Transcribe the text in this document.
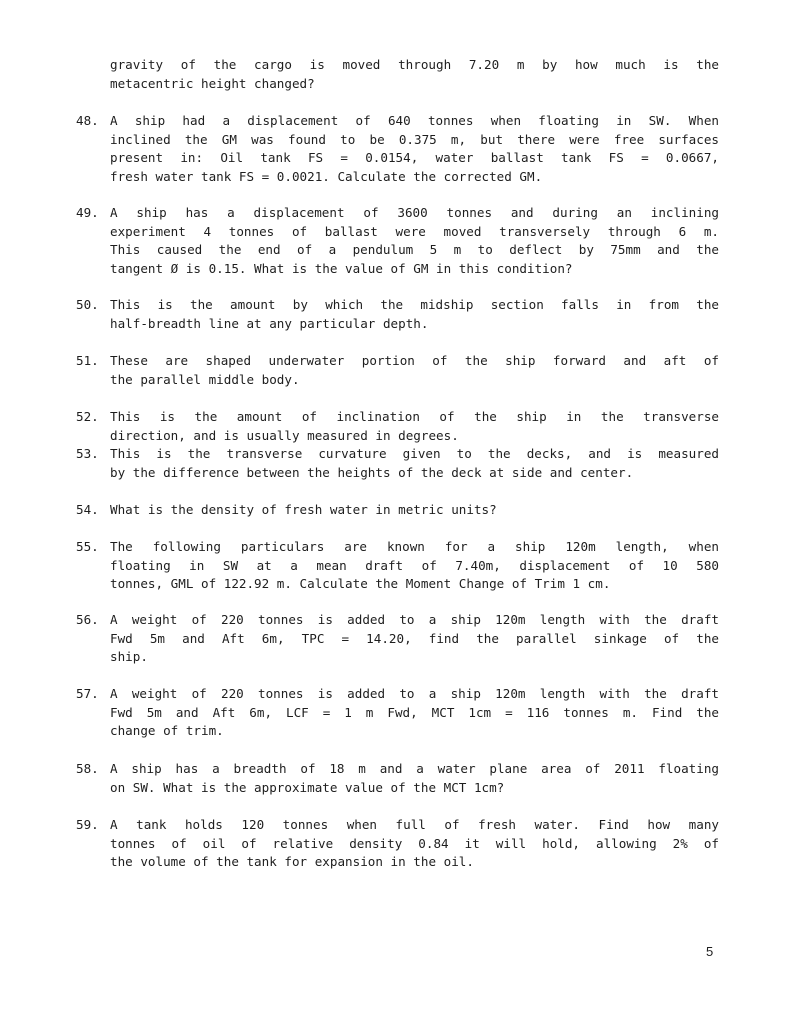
5
gravity of the cargo is moved through 7.20 m by how much is the
metacentric height changed?
48. A ship had a displacement of 640 tonnes when floating in SW. When
inclined the GM was found to be 0.375 m, but there were free surfaces
present in: Oil tank FS = 0.0154, water ballast tank FS = 0.0667,
fresh water tank FS = 0.0021. Calculate the corrected GM.
49. A ship has a displacement of 3600 tonnes and during an inclining
experiment 4 tonnes of ballast were moved transversely through 6 m.
This caused the end of a pendulum 5 m to deflect by 75mm and the
tangent Ø is 0.15. What is the value of GM in this condition?
50. This is the amount by which the midship section falls in from the
half-breadth line at any particular depth.
51. These are shaped underwater portion of the ship forward and aft of
the parallel middle body.
52. This is the amount of inclination of the ship in the transverse
direction, and is usually measured in degrees.
53. This is the transverse curvature given to the decks, and is measured
by the difference between the heights of the deck at side and center.
54. What is the density of fresh water in metric units?
55. The following particulars are known for a ship 120m length, when
floating in SW at a mean draft of 7.40m, displacement of 10 580
tonnes, GML of 122.92 m. Calculate the Moment Change of Trim 1 cm.
56. A weight of 220 tonnes is added to a ship 120m length with the draft
Fwd 5m and Aft 6m, TPC = 14.20, find the parallel sinkage of the
ship.
57. A weight of 220 tonnes is added to a ship 120m length with the draft
Fwd 5m and Aft 6m, LCF = 1 m Fwd, MCT 1cm = 116 tonnes m. Find the
change of trim.
58. A ship has a breadth of 18 m and a water plane area of 2011 floating
on SW. What is the approximate value of the MCT 1cm?
59. A tank holds 120 tonnes when full of fresh water. Find how many
tonnes of oil of relative density 0.84 it will hold, allowing 2% of
the volume of the tank for expansion in the oil.
